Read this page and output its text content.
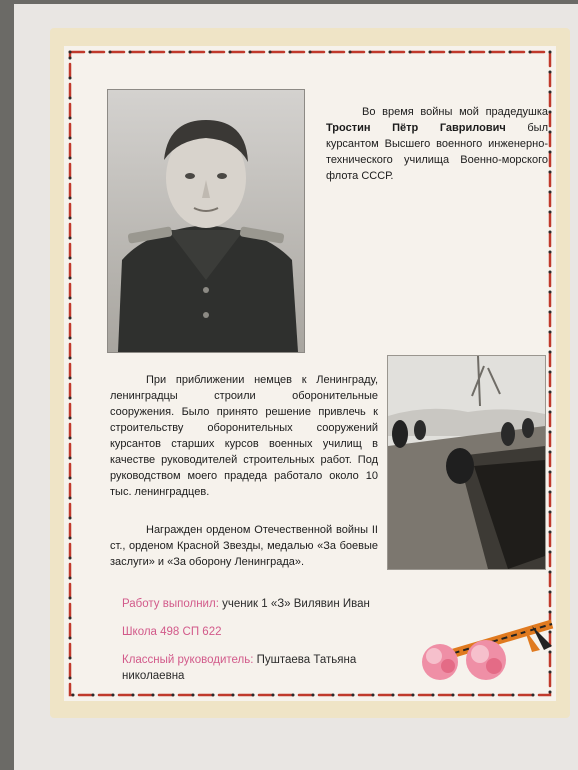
Во время войны мой прадедушка Тростин Пётр Гаврилович был курсантом Высшего военного инженерно-технического училища Военно-морского флота СССР.

При приближении немцев к Ленинграду, ленинградцы строили оборонительные сооружения. Было принято решение привлечь к строительству оборонительных сооружений курсантов старших курсов военных училищ в качестве руководителей строительных работ. Под руководством моего прадеда работало около 10 тыс. ленинградцев.

Награжден орденом Отечественной войны II ст., орденом Красной Звезды, медалью «За боевые заслуги» и «За оборону Ленинграда».

Работу выполнил: ученик 1 «З» Вилявин Иван
Школа 498 СП 622
Классный руководитель: Пуштаева Татьяна николаевна
